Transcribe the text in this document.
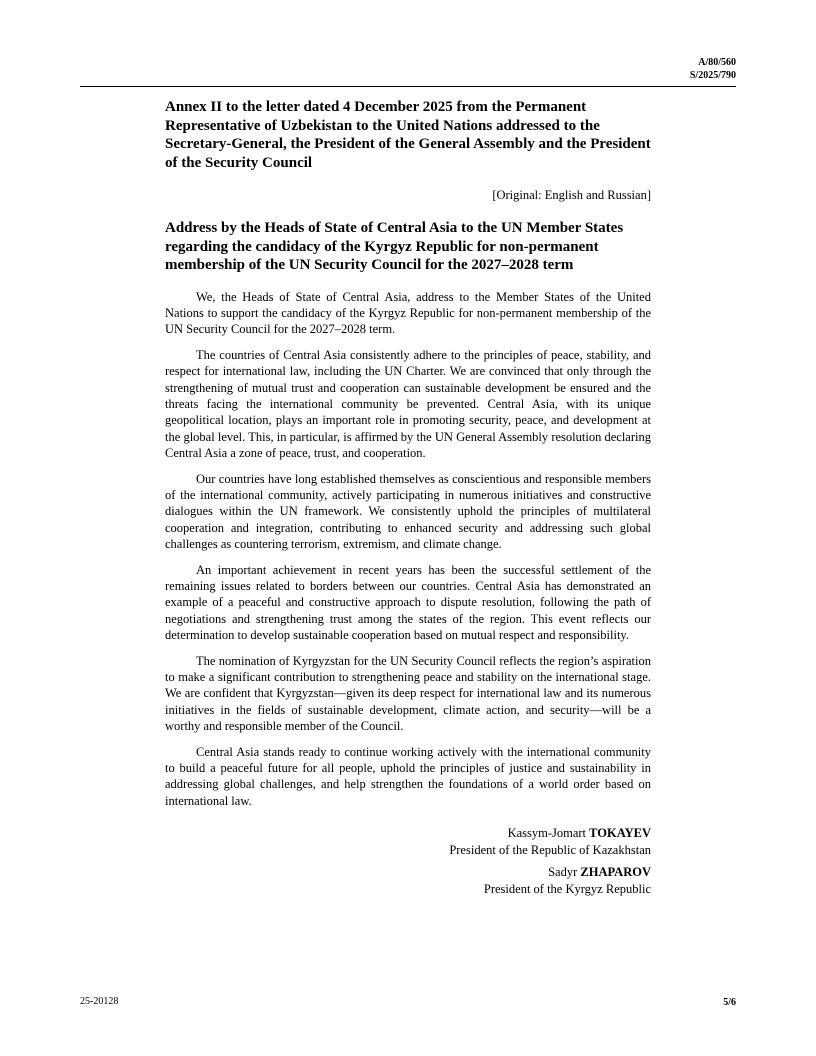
A/80/560
S/2025/790
Annex II to the letter dated 4 December 2025 from the Permanent Representative of Uzbekistan to the United Nations addressed to the Secretary-General, the President of the General Assembly and the President of the Security Council
[Original: English and Russian]
Address by the Heads of State of Central Asia to the UN Member States regarding the candidacy of the Kyrgyz Republic for non-permanent membership of the UN Security Council for the 2027–2028 term

We, the Heads of State of Central Asia, address to the Member States of the United Nations to support the candidacy of the Kyrgyz Republic for non-permanent membership of the UN Security Council for the 2027–2028 term.

The countries of Central Asia consistently adhere to the principles of peace, stability, and respect for international law, including the UN Charter. We are convinced that only through the strengthening of mutual trust and cooperation can sustainable development be ensured and the threats facing the international community be prevented. Central Asia, with its unique geopolitical location, plays an important role in promoting security, peace, and development at the global level. This, in particular, is affirmed by the UN General Assembly resolution declaring Central Asia a zone of peace, trust, and cooperation.

Our countries have long established themselves as conscientious and responsible members of the international community, actively participating in numerous initiatives and constructive dialogues within the UN framework. We consistently uphold the principles of multilateral cooperation and integration, contributing to enhanced security and addressing such global challenges as countering terrorism, extremism, and climate change.

An important achievement in recent years has been the successful settlement of the remaining issues related to borders between our countries. Central Asia has demonstrated an example of a peaceful and constructive approach to dispute resolution, following the path of negotiations and strengthening trust among the states of the region. This event reflects our determination to develop sustainable cooperation based on mutual respect and responsibility.

The nomination of Kyrgyzstan for the UN Security Council reflects the region’s aspiration to make a significant contribution to strengthening peace and stability on the international stage. We are confident that Kyrgyzstan—given its deep respect for international law and its numerous initiatives in the fields of sustainable development, climate action, and security—will be a worthy and responsible member of the Council.

Central Asia stands ready to continue working actively with the international community to build a peaceful future for all people, uphold the principles of justice and sustainability in addressing global challenges, and help strengthen the foundations of a world order based on international law.

Kassym-Jomart TOKAYEV
President of the Republic of Kazakhstan
Sadyr ZHAPAROV
President of the Kyrgyz Republic
25-20128	5/6
